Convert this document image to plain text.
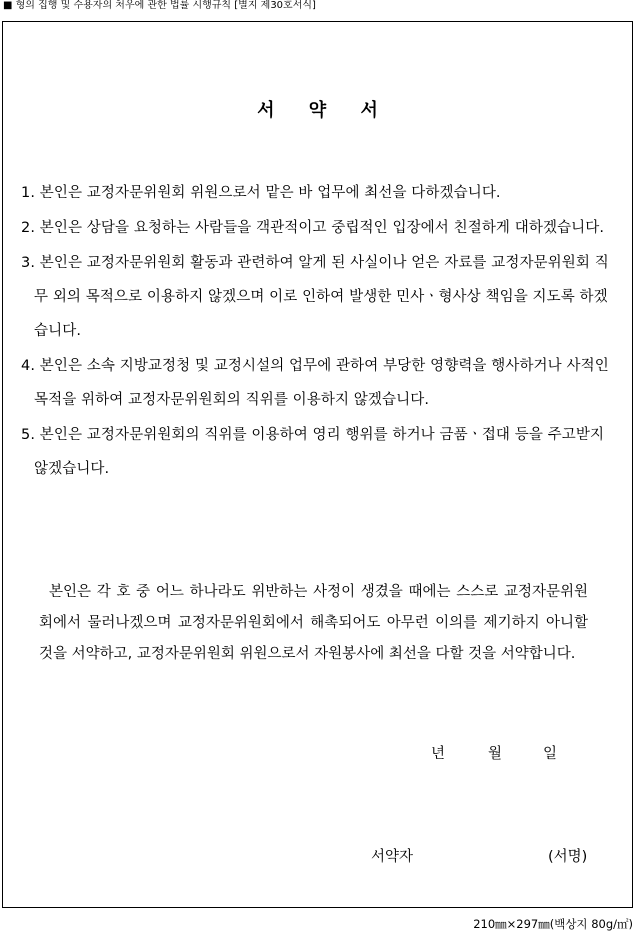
■ 형의 집행 및 수용자의 처우에 관한 법률 시행규칙 [별지 제30호서식]
서 약 서
1. 본인은 교정자문위원회 위원으로서 맡은 바 업무에 최선을 다하겠습니다.
2. 본인은 상담을 요청하는 사람들을 객관적이고 중립적인 입장에서 친절하게 대하겠습니다.
3. 본인은 교정자문위원회 활동과 관련하여 알게 된 사실이나 얻은 자료를 교정자문위원회 직무 외의 목적으로 이용하지 않겠으며 이로 인하여 발생한 민사ㆍ형사상 책임을 지도록 하겠습니다.
4. 본인은 소속 지방교정청 및 교정시설의 업무에 관하여 부당한 영향력을 행사하거나 사적인 목적을 위하여 교정자문위원회의 직위를 이용하지 않겠습니다.
5. 본인은 교정자문위원회의 직위를 이용하여 영리 행위를 하거나 금품ㆍ접대 등을 주고받지 않겠습니다.
본인은 각 호 중 어느 하나라도 위반하는 사정이 생겼을 때에는 스스로 교정자문위원회에서 물러나겠으며 교정자문위원회에서 해촉되어도 아무런 이의를 제기하지 아니할 것을 서약하고, 교정자문위원회 위원으로서 자원봉사에 최선을 다할 것을 서약합니다.
년	월	일
서약자	(서명)
210㎜×297㎜(백상지 80g/㎡)
